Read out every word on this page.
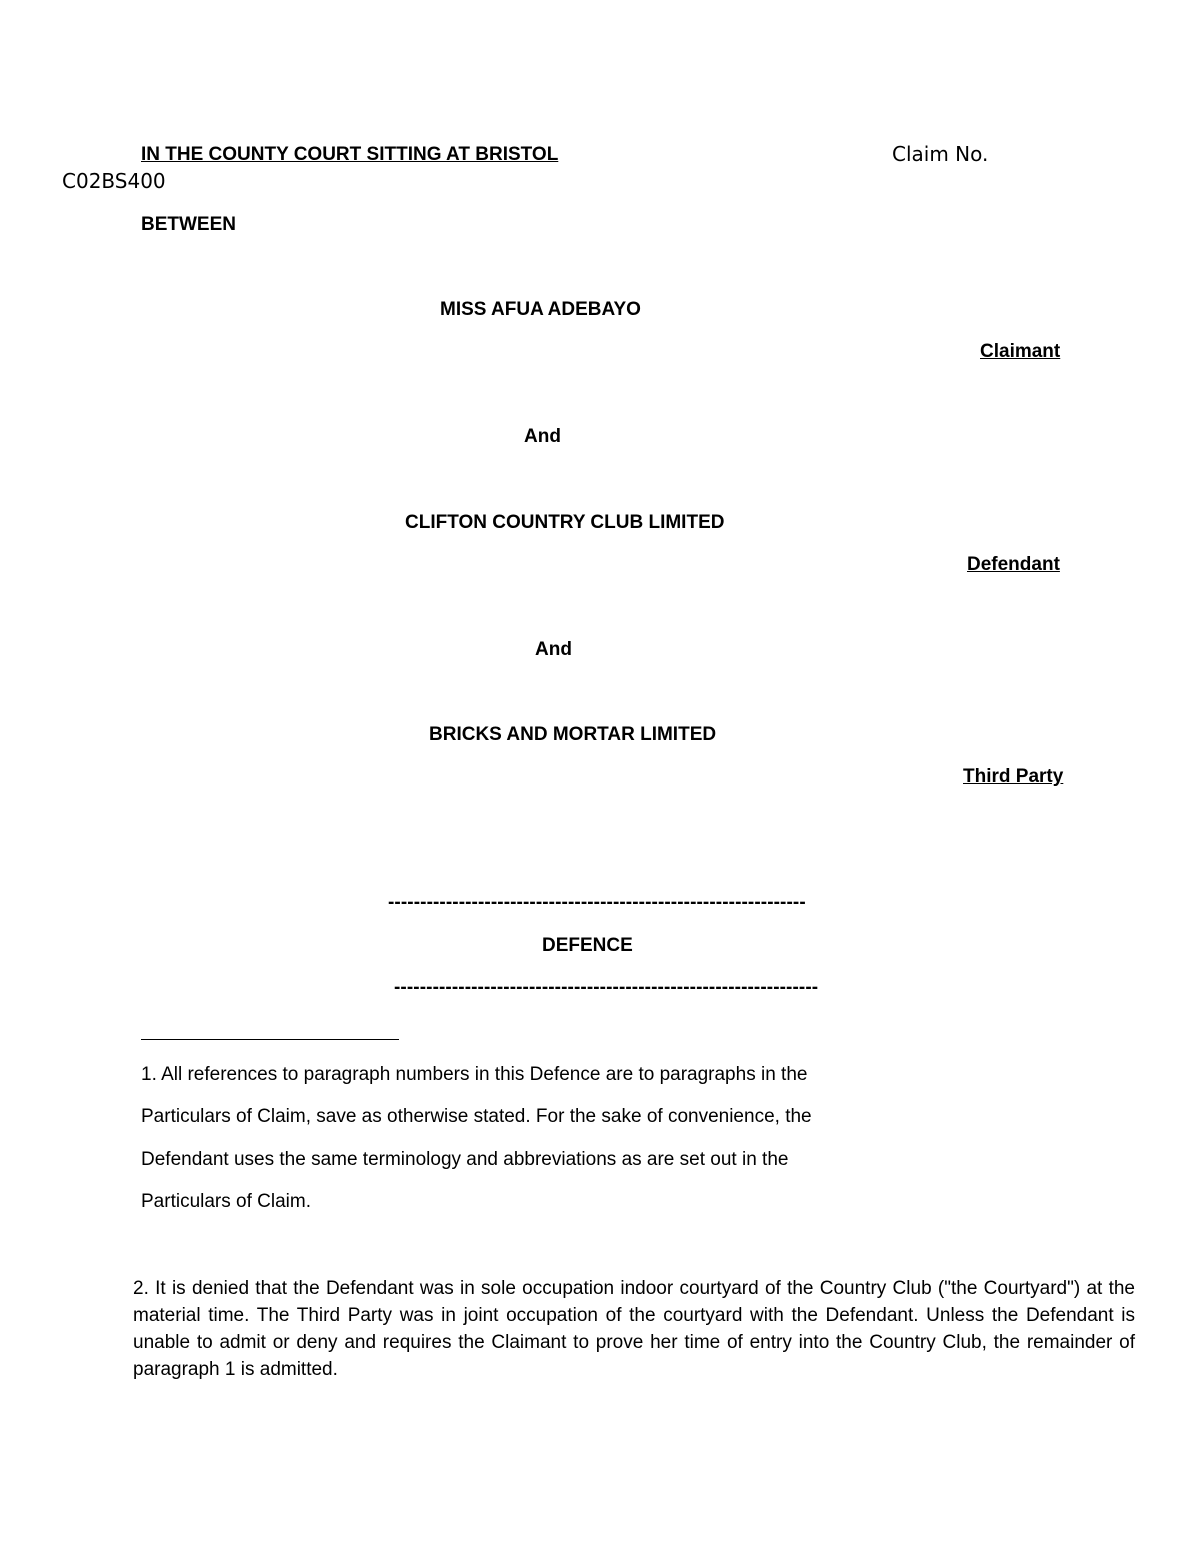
IN THE COUNTY COURT SITTING AT BRISTOL	Claim No.
C02BS400
BETWEEN
MISS AFUA ADEBAYO
Claimant
And
CLIFTON COUNTRY CLUB LIMITED
Defendant
And
BRICKS AND MORTAR LIMITED
Third Party
-----------------------------------------------------------------
DEFENCE
------------------------------------------------------------------
1. All references to paragraph numbers in this Defence are to paragraphs in the
Particulars of Claim, save as otherwise stated. For the sake of convenience, the
Defendant uses the same terminology and abbreviations as are set out in the
Particulars of Claim.

2. It is denied that the Defendant was in sole occupation indoor courtyard of the Country Club ("the Courtyard") at the material time. The Third Party was in joint occupation of the courtyard with the Defendant. Unless the Defendant is unable to admit or deny and requires the Claimant to prove her time of entry into the Country Club, the remainder of paragraph 1 is admitted.
